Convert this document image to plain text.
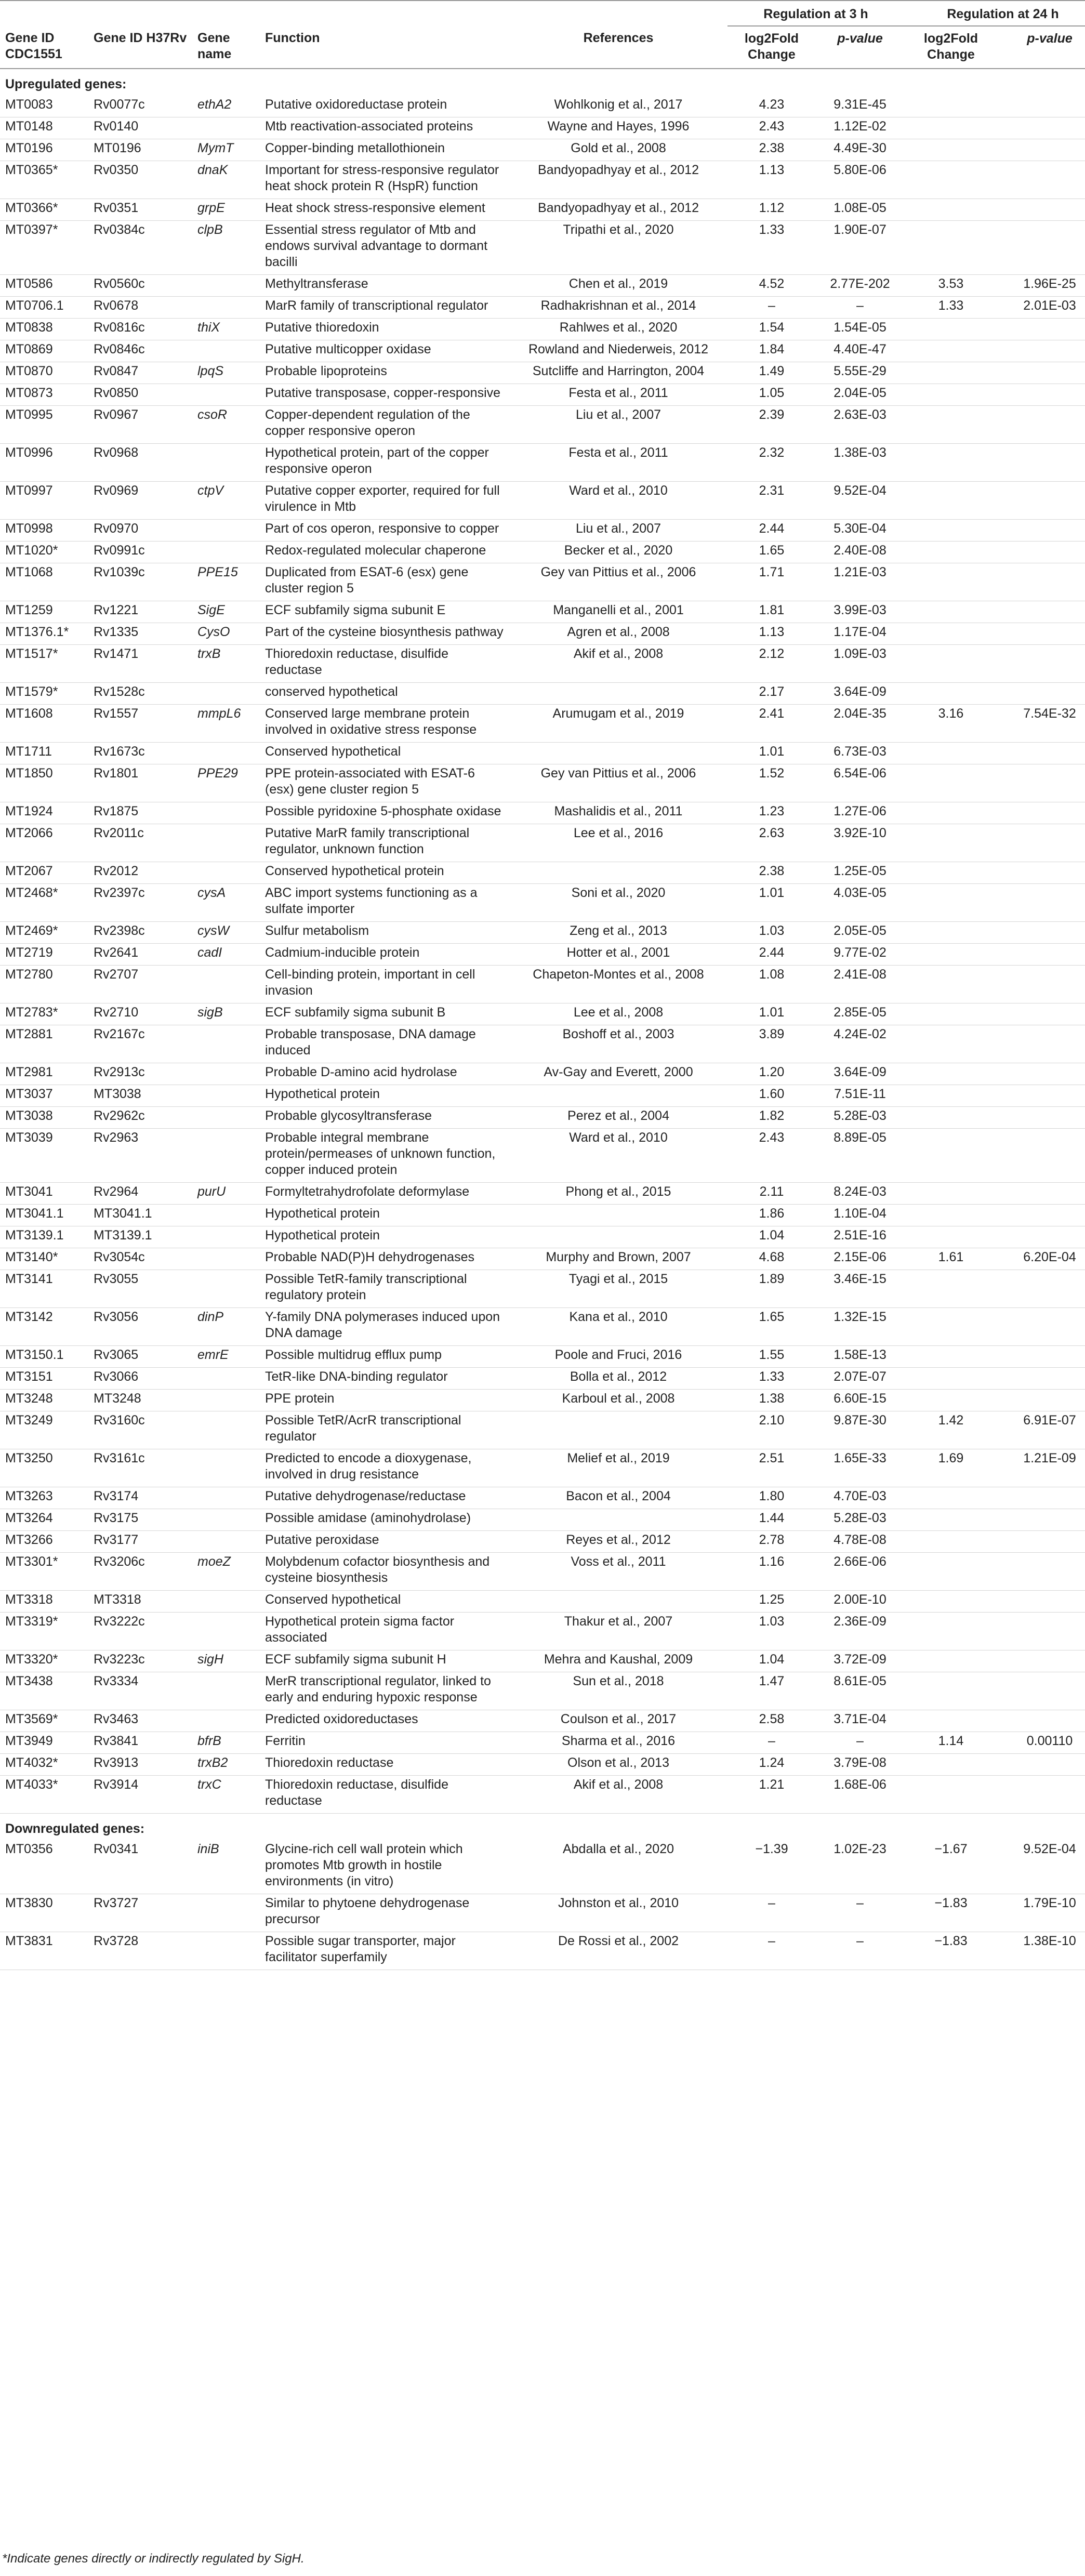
					Regulation at 3 h		Regulation at 24 h	
Gene ID CDC1551	Gene ID H37Rv	Gene name	Function	References	log2Fold Change	p-value	log2Fold Change	p-value
Upregulated genes:								
MT0083	Rv0077c	ethA2	Putative oxidoreductase protein	Wohlkonig et al., 2017	4.23	9.31E-45		
MT0148	Rv0140		Mtb reactivation-associated proteins	Wayne and Hayes, 1996	2.43	1.12E-02		
MT0196	MT0196	MymT	Copper-binding metallothionein	Gold et al., 2008	2.38	4.49E-30		
MT0365*	Rv0350	dnaK	Important for stress-responsive regulator heat shock protein R (HspR) function	Bandyopadhyay et al., 2012	1.13	5.80E-06		
MT0366*	Rv0351	grpE	Heat shock stress-responsive element	Bandyopadhyay et al., 2012	1.12	1.08E-05		
MT0397*	Rv0384c	clpB	Essential stress regulator of Mtb and endows survival advantage to dormant bacilli	Tripathi et al., 2020	1.33	1.90E-07		
MT0586	Rv0560c		Methyltransferase	Chen et al., 2019	4.52	2.77E-202	3.53	1.96E-25
MT0706.1	Rv0678		MarR family of transcriptional regulator	Radhakrishnan et al., 2014	–	–	1.33	2.01E-03
MT0838	Rv0816c	thiX	Putative thioredoxin	Rahlwes et al., 2020	1.54	1.54E-05		
MT0869	Rv0846c		Putative multicopper oxidase	Rowland and Niederweis, 2012	1.84	4.40E-47		
MT0870	Rv0847	lpqS	Probable lipoproteins	Sutcliffe and Harrington, 2004	1.49	5.55E-29		
MT0873	Rv0850		Putative transposase, copper-responsive	Festa et al., 2011	1.05	2.04E-05		
MT0995	Rv0967	csoR	Copper-dependent regulation of the copper responsive operon	Liu et al., 2007	2.39	2.63E-03		
MT0996	Rv0968		Hypothetical protein, part of the copper responsive operon	Festa et al., 2011	2.32	1.38E-03		
MT0997	Rv0969	ctpV	Putative copper exporter, required for full virulence in Mtb	Ward et al., 2010	2.31	9.52E-04		
MT0998	Rv0970		Part of cos operon, responsive to copper	Liu et al., 2007	2.44	5.30E-04		
MT1020*	Rv0991c		Redox-regulated molecular chaperone	Becker et al., 2020	1.65	2.40E-08		
MT1068	Rv1039c	PPE15	Duplicated from ESAT-6 (esx) gene cluster region 5	Gey van Pittius et al., 2006	1.71	1.21E-03		
MT1259	Rv1221	SigE	ECF subfamily sigma subunit E	Manganelli et al., 2001	1.81	3.99E-03		
MT1376.1*	Rv1335	CysO	Part of the cysteine biosynthesis pathway	Agren et al., 2008	1.13	1.17E-04		
MT1517*	Rv1471	trxB	Thioredoxin reductase, disulfide reductase	Akif et al., 2008	2.12	1.09E-03		
MT1579*	Rv1528c		conserved hypothetical		2.17	3.64E-09		
MT1608	Rv1557	mmpL6	Conserved large membrane protein involved in oxidative stress response	Arumugam et al., 2019	2.41	2.04E-35	3.16	7.54E-32
MT1711	Rv1673c		Conserved hypothetical		1.01	6.73E-03		
MT1850	Rv1801	PPE29	PPE protein-associated with ESAT-6 (esx) gene cluster region 5	Gey van Pittius et al., 2006	1.52	6.54E-06		
MT1924	Rv1875		Possible pyridoxine 5-phosphate oxidase	Mashalidis et al., 2011	1.23	1.27E-06		
MT2066	Rv2011c		Putative MarR family transcriptional regulator, unknown function	Lee et al., 2016	2.63	3.92E-10		
MT2067	Rv2012		Conserved hypothetical protein		2.38	1.25E-05		
MT2468*	Rv2397c	cysA	ABC import systems functioning as a sulfate importer	Soni et al., 2020	1.01	4.03E-05		
MT2469*	Rv2398c	cysW	Sulfur metabolism	Zeng et al., 2013	1.03	2.05E-05		
MT2719	Rv2641	cadI	Cadmium-inducible protein	Hotter et al., 2001	2.44	9.77E-02		
MT2780	Rv2707		Cell-binding protein, important in cell invasion	Chapeton-Montes et al., 2008	1.08	2.41E-08		
MT2783*	Rv2710	sigB	ECF subfamily sigma subunit B	Lee et al., 2008	1.01	2.85E-05		
MT2881	Rv2167c		Probable transposase, DNA damage induced	Boshoff et al., 2003	3.89	4.24E-02		
MT2981	Rv2913c		Probable D-amino acid hydrolase	Av-Gay and Everett, 2000	1.20	3.64E-09		
MT3037	MT3038		Hypothetical protein		1.60	7.51E-11		
MT3038	Rv2962c		Probable glycosyltransferase	Perez et al., 2004	1.82	5.28E-03		
MT3039	Rv2963		Probable integral membrane protein/permeases of unknown function, copper induced protein	Ward et al., 2010	2.43	8.89E-05		
MT3041	Rv2964	purU	Formyltetrahydrofolate deformylase	Phong et al., 2015	2.11	8.24E-03		
MT3041.1	MT3041.1		Hypothetical protein		1.86	1.10E-04		
MT3139.1	MT3139.1		Hypothetical protein		1.04	2.51E-16		
MT3140*	Rv3054c		Probable NAD(P)H dehydrogenases	Murphy and Brown, 2007	4.68	2.15E-06	1.61	6.20E-04
MT3141	Rv3055		Possible TetR-family transcriptional regulatory protein	Tyagi et al., 2015	1.89	3.46E-15		
MT3142	Rv3056	dinP	Y-family DNA polymerases induced upon DNA damage	Kana et al., 2010	1.65	1.32E-15		
MT3150.1	Rv3065	emrE	Possible multidrug efflux pump	Poole and Fruci, 2016	1.55	1.58E-13		
MT3151	Rv3066		TetR-like DNA-binding regulator	Bolla et al., 2012	1.33	2.07E-07		
MT3248	MT3248		PPE protein	Karboul et al., 2008	1.38	6.60E-15		
MT3249	Rv3160c		Possible TetR/AcrR transcriptional regulator		2.10	9.87E-30	1.42	6.91E-07
MT3250	Rv3161c		Predicted to encode a dioxygenase, involved in drug resistance	Melief et al., 2019	2.51	1.65E-33	1.69	1.21E-09
MT3263	Rv3174		Putative dehydrogenase/reductase	Bacon et al., 2004	1.80	4.70E-03		
MT3264	Rv3175		Possible amidase (aminohydrolase)		1.44	5.28E-03		
MT3266	Rv3177		Putative peroxidase	Reyes et al., 2012	2.78	4.78E-08		
MT3301*	Rv3206c	moeZ	Molybdenum cofactor biosynthesis and cysteine biosynthesis	Voss et al., 2011	1.16	2.66E-06		
MT3318	MT3318		Conserved hypothetical		1.25	2.00E-10		
MT3319*	Rv3222c		Hypothetical protein sigma factor associated	Thakur et al., 2007	1.03	2.36E-09		
MT3320*	Rv3223c	sigH	ECF subfamily sigma subunit H	Mehra and Kaushal, 2009	1.04	3.72E-09		
MT3438	Rv3334		MerR transcriptional regulator, linked to early and enduring hypoxic response	Sun et al., 2018	1.47	8.61E-05		
MT3569*	Rv3463		Predicted oxidoreductases	Coulson et al., 2017	2.58	3.71E-04		
MT3949	Rv3841	bfrB	Ferritin	Sharma et al., 2016	–	–	1.14	0.00110
MT4032*	Rv3913	trxB2	Thioredoxin reductase	Olson et al., 2013	1.24	3.79E-08		
MT4033*	Rv3914	trxC	Thioredoxin reductase, disulfide reductase	Akif et al., 2008	1.21	1.68E-06		
Downregulated genes:								
MT0356	Rv0341	iniB	Glycine-rich cell wall protein which promotes Mtb growth in hostile environments (in vitro)	Abdalla et al., 2020	−1.39	1.02E-23	−1.67	9.52E-04
MT3830	Rv3727		Similar to phytoene dehydrogenase precursor	Johnston et al., 2010	–	–	−1.83	1.79E-10
MT3831	Rv3728		Possible sugar transporter, major facilitator superfamily	De Rossi et al., 2002	–	–	−1.83	1.38E-10
*Indicate genes directly or indirectly regulated by SigH.
